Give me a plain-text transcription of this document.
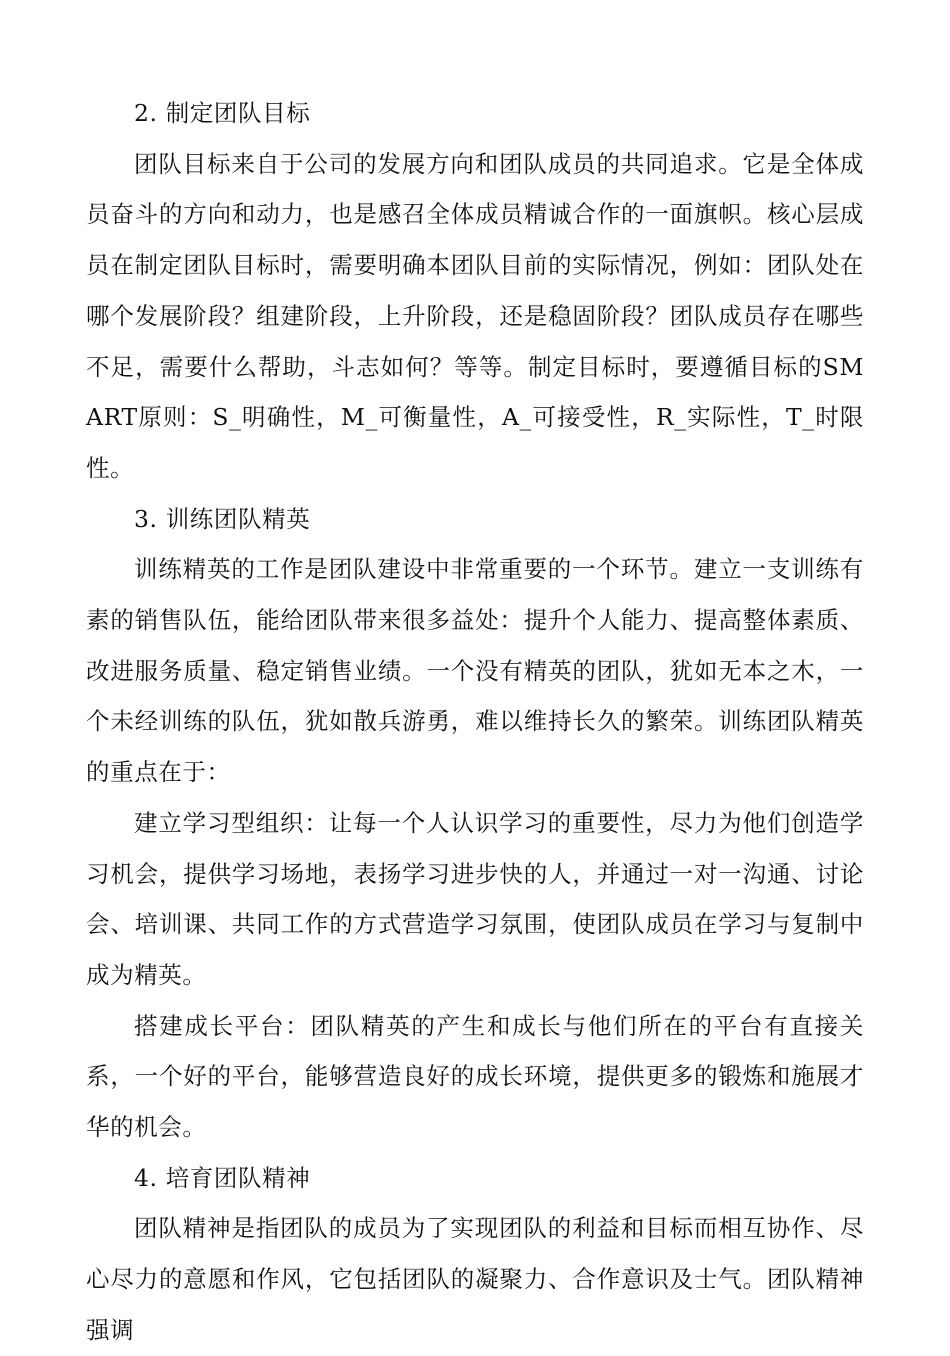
2. 制定团队目标

团队目标来自于公司的发展方向和团队成员的共同追求。它是全体成员奋斗的方向和动力，也是感召全体成员精诚合作的一面旗帜。核心层成员在制定团队目标时，需要明确本团队目前的实际情况，例如：团队处在哪个发展阶段？组建阶段，上升阶段，还是稳固阶段？团队成员存在哪些不足，需要什么帮助，斗志如何？等等。制定目标时，要遵循目标的SMART原则：S_明确性，M_可衡量性，A_可接受性，R_实际性，T_时限性。

3. 训练团队精英

训练精英的工作是团队建设中非常重要的一个环节。建立一支训练有素的销售队伍，能给团队带来很多益处：提升个人能力、提高整体素质、改进服务质量、稳定销售业绩。一个没有精英的团队，犹如无本之木，一个未经训练的队伍，犹如散兵游勇，难以维持长久的繁荣。训练团队精英的重点在于：

建立学习型组织：让每一个人认识学习的重要性，尽力为他们创造学习机会，提供学习场地，表扬学习进步快的人，并通过一对一沟通、讨论会、培训课、共同工作的方式营造学习氛围，使团队成员在学习与复制中成为精英。

搭建成长平台：团队精英的产生和成长与他们所在的平台有直接关系，一个好的平台，能够营造良好的成长环境，提供更多的锻炼和施展才华的机会。

4. 培育团队精神

团队精神是指团队的成员为了实现团队的利益和目标而相互协作、尽心尽力的意愿和作风，它包括团队的凝聚力、合作意识及士气。团队精神强调
